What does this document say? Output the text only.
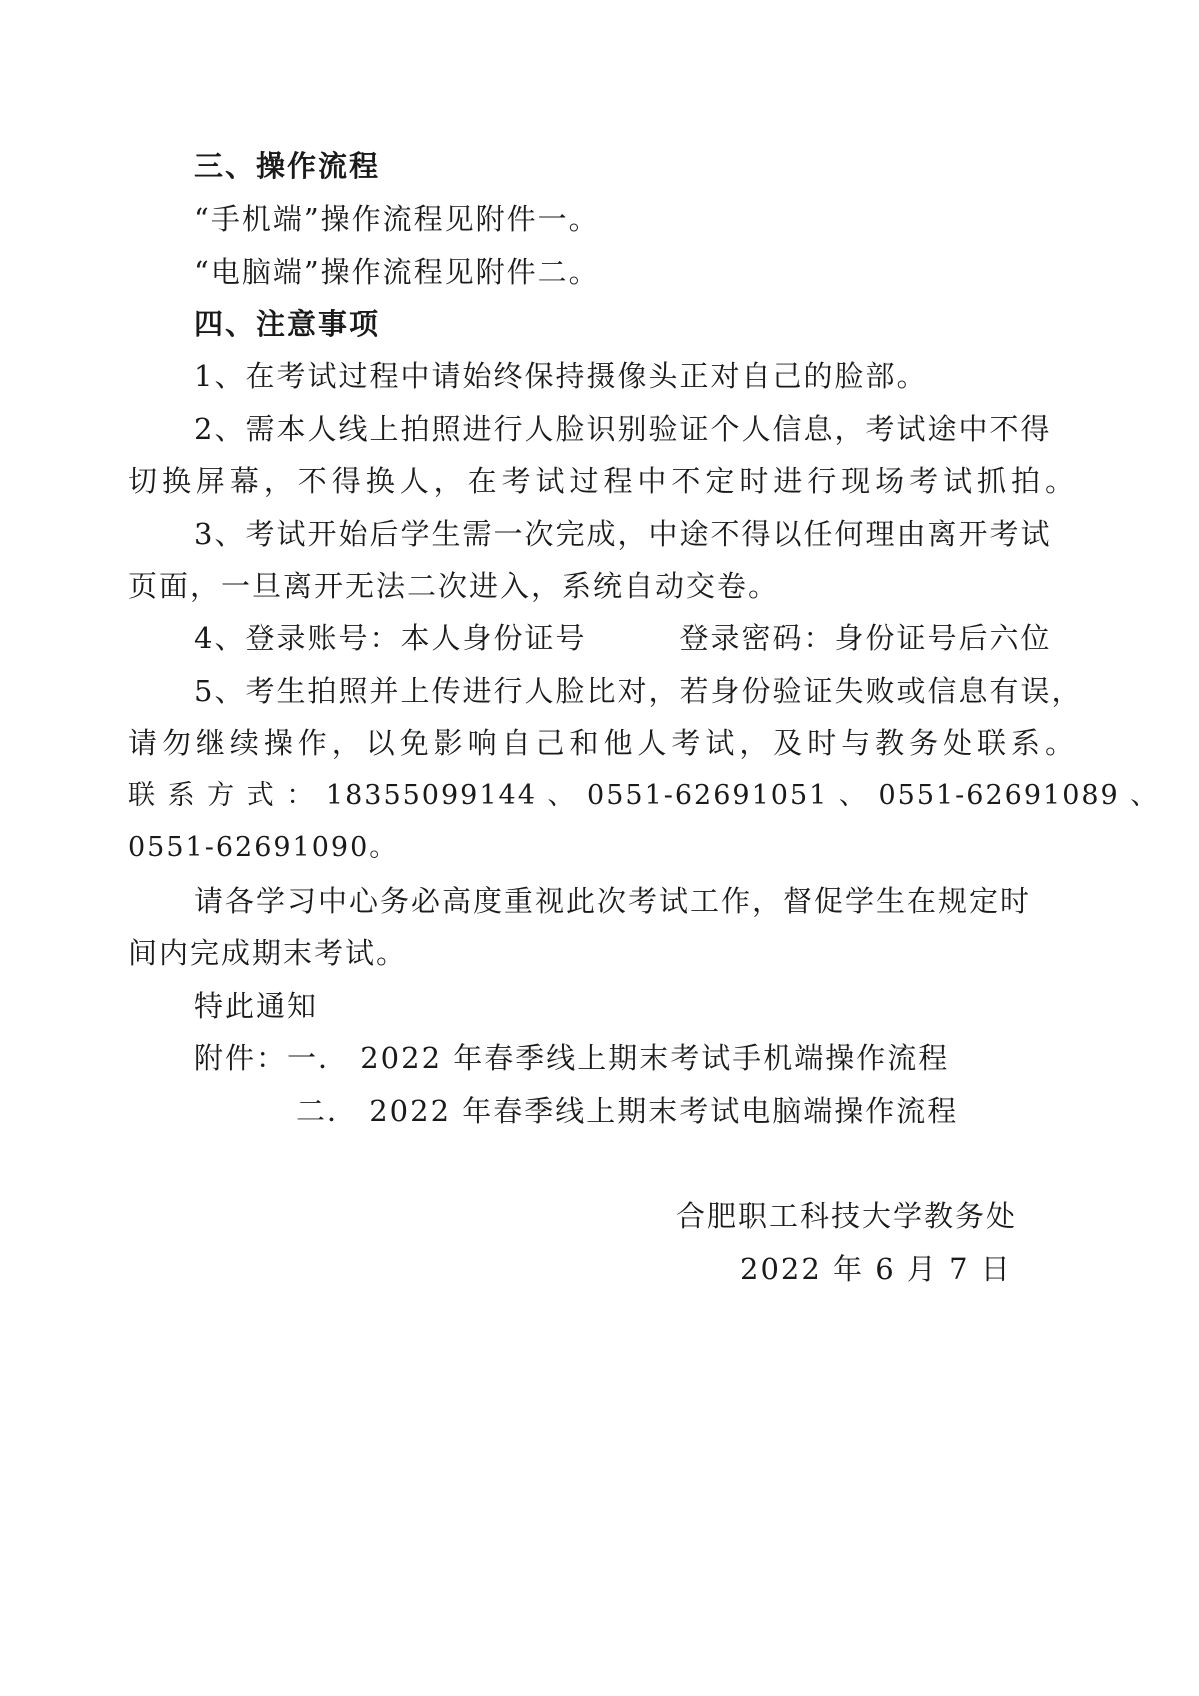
三、操作流程
“手机端”操作流程见附件一。
“电脑端”操作流程见附件二。
四、注意事项
1、在考试过程中请始终保持摄像头正对自己的脸部。
2、需本人线上拍照进行人脸识别验证个人信息，考试途中不得
切换屏幕，不得换人，在考试过程中不定时进行现场考试抓拍。
3、考试开始后学生需一次完成，中途不得以任何理由离开考试
页面，一旦离开无法二次进入，系统自动交卷。
4、登录账号：本人身份证号　　　登录密码：身份证号后六位
5、考生拍照并上传进行人脸比对，若身份验证失败或信息有误，
请勿继续操作，以免影响自己和他人考试，及时与教务处联系。
联 系 方 式 ： 18355099144 、 0551-62691051 、 0551-62691089 、
0551-62691090。
请各学习中心务必高度重视此次考试工作，督促学生在规定时
间内完成期末考试。
特此通知
附件：一． 2022 年春季线上期末考试手机端操作流程
二． 2022 年春季线上期末考试电脑端操作流程
合肥职工科技大学教务处
2022 年 6 月 7 日
